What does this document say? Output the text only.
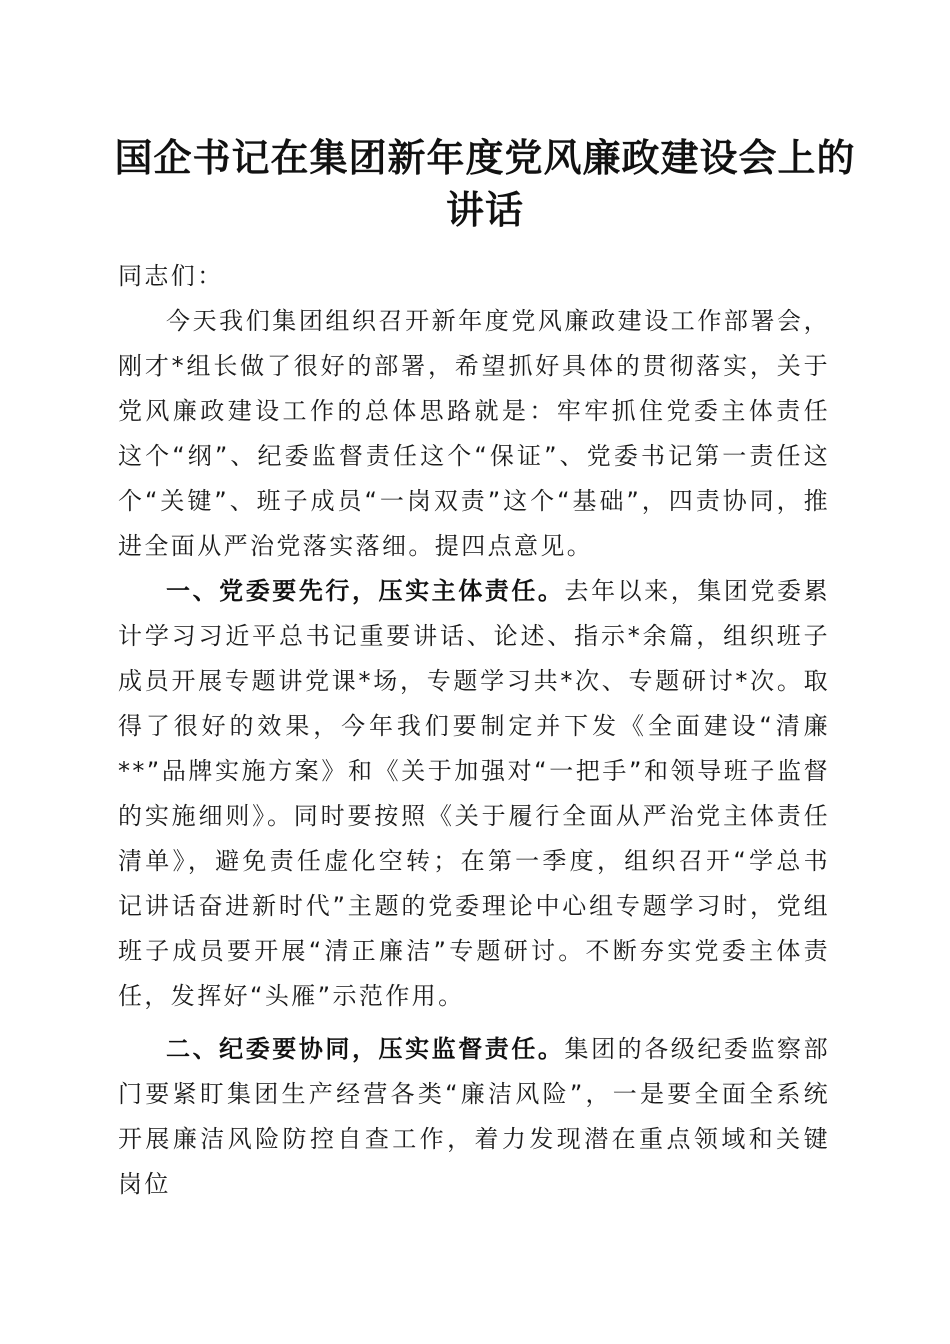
国企书记在集团新年度党风廉政建设会上的讲话

同志们：

今天我们集团组织召开新年度党风廉政建设工作部署会，刚才*组长做了很好的部署，希望抓好具体的贯彻落实，关于党风廉政建设工作的总体思路就是：牢牢抓住党委主体责任这个“纲”、纪委监督责任这个“保证”、党委书记第一责任这个“关键”、班子成员“一岗双责”这个“基础”，四责协同，推进全面从严治党落实落细。提四点意见。

一、党委要先行，压实主体责任。去年以来，集团党委累计学习习近平总书记重要讲话、论述、指示*余篇，组织班子成员开展专题讲党课*场，专题学习共*次、专题研讨*次。取得了很好的效果，今年我们要制定并下发《全面建设“清廉**”品牌实施方案》和《关于加强对“一把手”和领导班子监督的实施细则》。同时要按照《关于履行全面从严治党主体责任清单》，避免责任虚化空转；在第一季度，组织召开“学总书记讲话奋进新时代”主题的党委理论中心组专题学习时，党组班子成员要开展“清正廉洁”专题研讨。不断夯实党委主体责任，发挥好“头雁”示范作用。

二、纪委要协同，压实监督责任。集团的各级纪委监察部门要紧盯集团生产经营各类“廉洁风险”，一是要全面全系统开展廉洁风险防控自查工作，着力发现潜在重点领域和关键岗位
